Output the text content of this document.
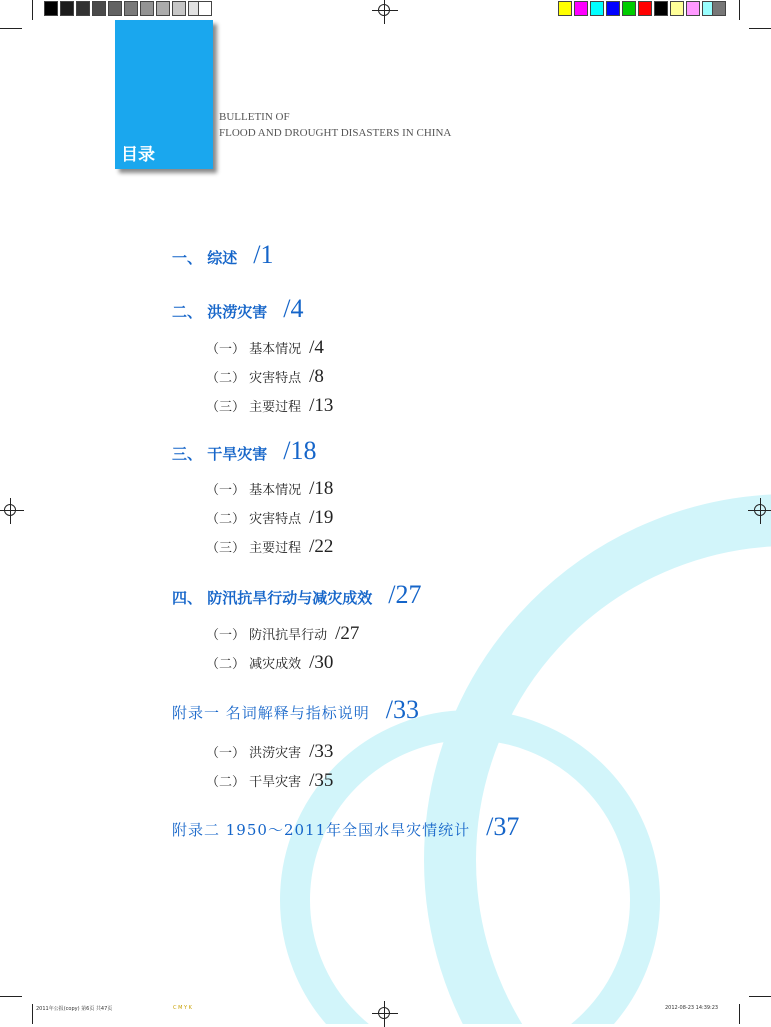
目录
BULLETIN OF
FLOOD AND DROUGHT DISASTERS IN CHINA
一、 综述 /1
二、 洪涝灾害 /4
（一） 基本情况 /4
（二） 灾害特点 /8
（三） 主要过程 /13
三、 干旱灾害 /18
（一） 基本情况 /18
（二） 灾害特点 /19
（三） 主要过程 /22
四、 防汛抗旱行动与减灾成效 /27
（一） 防汛抗旱行动 /27
（二） 减灾成效 /30
附录一 名词解释与指标说明 /33
（一） 洪涝灾害 /33
（二） 干旱灾害 /35
附录二 1950～2011年全国水旱灾情统计 /37
2011年公报(copy) 第6页 共47页	C M Y K	2012-08-23 14:39:23
